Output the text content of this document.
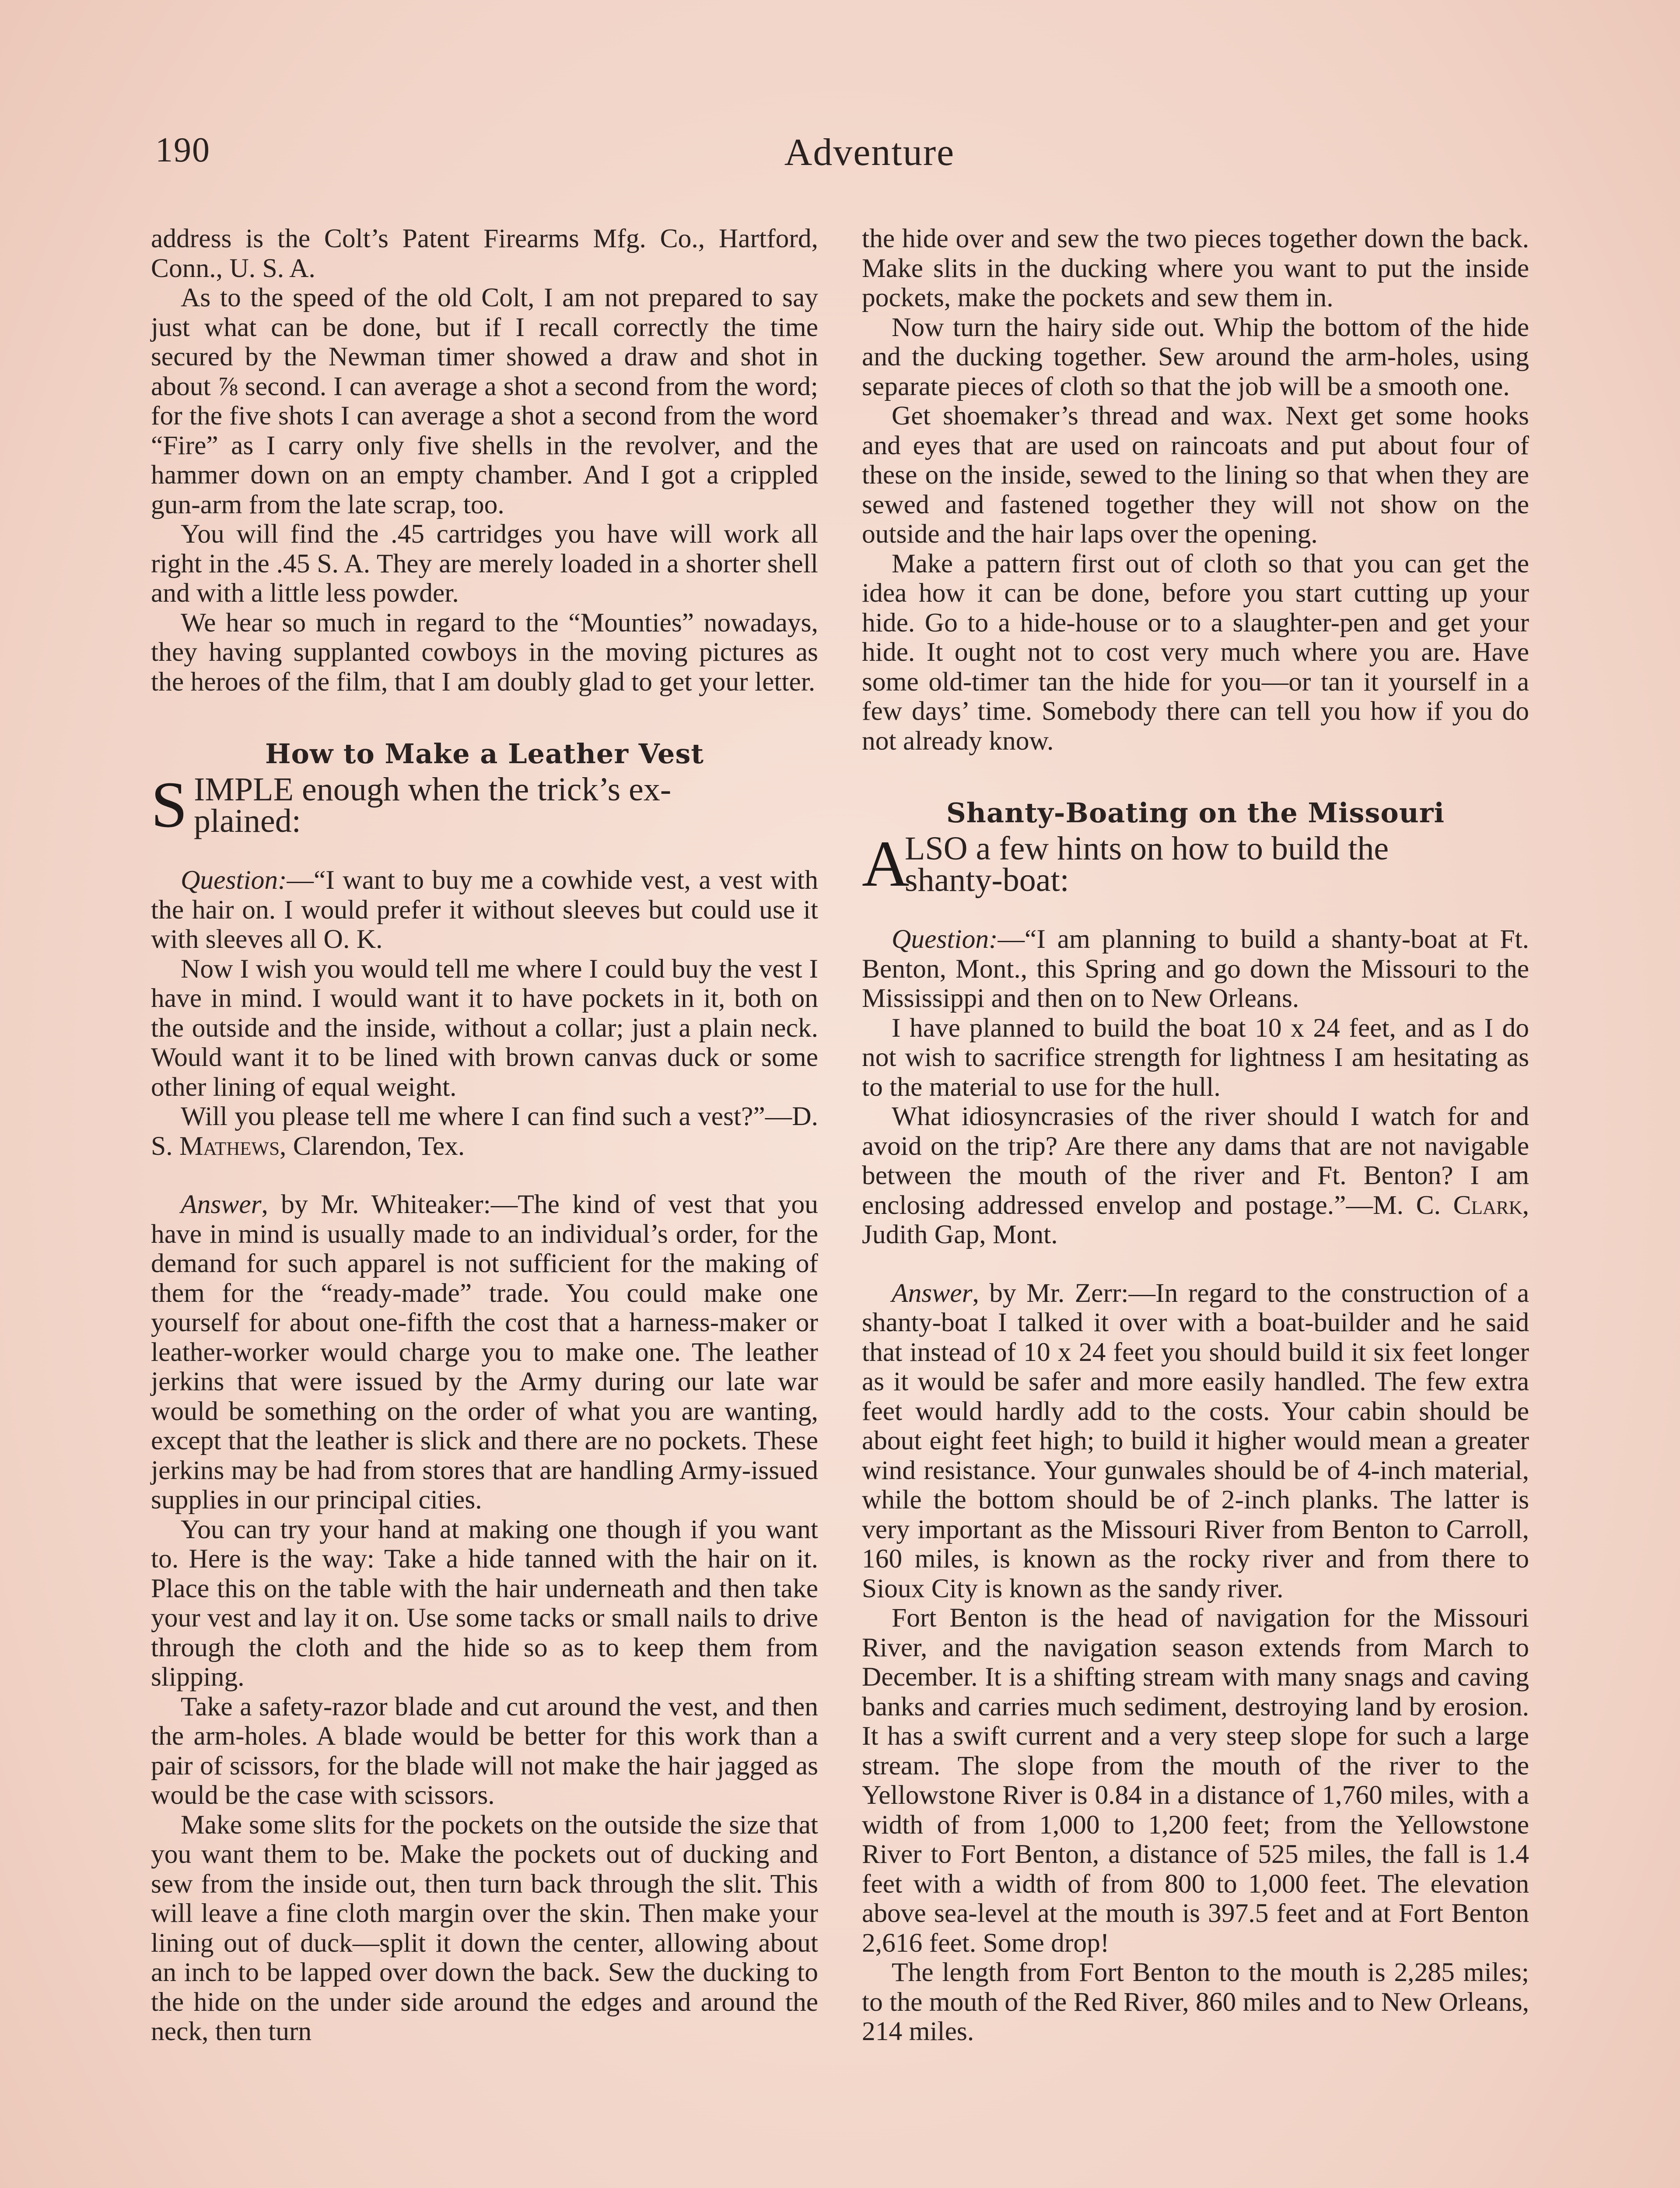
190	Adventure

address is the Colt’s Patent Firearms Mfg. Co., Hartford, Conn., U. S. A.

As to the speed of the old Colt, I am not prepared to say just what can be done, but if I recall correctly the time secured by the Newman timer showed a draw and shot in about ⅞ second. I can average a shot a second from the word; for the five shots I can average a shot a second from the word “Fire” as I carry only five shells in the revolver, and the hammer down on an empty chamber. And I got a crippled gun-arm from the late scrap, too.

You will find the .45 cartridges you have will work all right in the .45 S. A. They are merely loaded in a shorter shell and with a little less powder.

We hear so much in regard to the “Mounties” nowadays, they having supplanted cowboys in the moving pictures as the heroes of the film, that I am doubly glad to get your letter.

How to Make a Leather Vest
S IMPLE enough when the trick’s ex-
plained:

Question:—“I want to buy me a cowhide vest, a vest with the hair on. I would prefer it without sleeves but could use it with sleeves all O. K.

Now I wish you would tell me where I could buy the vest I have in mind. I would want it to have pockets in it, both on the outside and the inside, without a collar; just a plain neck. Would want it to be lined with brown canvas duck or some other lining of equal weight.

Will you please tell me where I can find such a vest?”—D. S. Mathews, Clarendon, Tex.

Answer, by Mr. Whiteaker:—The kind of vest that you have in mind is usually made to an individual’s order, for the demand for such apparel is not sufficient for the making of them for the “ready-made” trade. You could make one yourself for about one-fifth the cost that a harness-maker or leather-worker would charge you to make one. The leather jerkins that were issued by the Army during our late war would be something on the order of what you are wanting, except that the leather is slick and there are no pockets. These jerkins may be had from stores that are handling Army-issued supplies in our principal cities.

You can try your hand at making one though if you want to. Here is the way: Take a hide tanned with the hair on it. Place this on the table with the hair underneath and then take your vest and lay it on. Use some tacks or small nails to drive through the cloth and the hide so as to keep them from slipping.

Take a safety-razor blade and cut around the vest, and then the arm-holes. A blade would be better for this work than a pair of scissors, for the blade will not make the hair jagged as would be the case with scissors.

Make some slits for the pockets on the outside the size that you want them to be. Make the pockets out of ducking and sew from the inside out, then turn back through the slit. This will leave a fine cloth margin over the skin. Then make your lining out of duck—split it down the center, allowing about an inch to be lapped over down the back. Sew the ducking to the hide on the under side around the edges and around the neck, then turn

the hide over and sew the two pieces together down the back. Make slits in the ducking where you want to put the inside pockets, make the pockets and sew them in.

Now turn the hairy side out. Whip the bottom of the hide and the ducking together. Sew around the arm-holes, using separate pieces of cloth so that the job will be a smooth one.

Get shoemaker’s thread and wax. Next get some hooks and eyes that are used on raincoats and put about four of these on the inside, sewed to the lining so that when they are sewed and fastened together they will not show on the outside and the hair laps over the opening.

Make a pattern first out of cloth so that you can get the idea how it can be done, before you start cutting up your hide. Go to a hide-house or to a slaughter-pen and get your hide. It ought not to cost very much where you are. Have some old-timer tan the hide for you—or tan it yourself in a few days’ time. Somebody there can tell you how if you do not already know.

Shanty-Boating on the Missouri
A
LSO a few hints on how to build the
shanty-boat:

Question:—“I am planning to build a shanty-boat at Ft. Benton, Mont., this Spring and go down the Missouri to the Mississippi and then on to New Orleans.

I have planned to build the boat 10 x 24 feet, and as I do not wish to sacrifice strength for lightness I am hesitating as to the material to use for the hull.

What idiosyncrasies of the river should I watch for and avoid on the trip? Are there any dams that are not navigable between the mouth of the river and Ft. Benton? I am enclosing addressed envelop and postage.”—M. C. Clark, Judith Gap, Mont.

Answer, by Mr. Zerr:—In regard to the construction of a shanty-boat I talked it over with a boat-builder and he said that instead of 10 x 24 feet you should build it six feet longer as it would be safer and more easily handled. The few extra feet would hardly add to the costs. Your cabin should be about eight feet high; to build it higher would mean a greater wind resistance. Your gunwales should be of 4-inch material, while the bottom should be of 2-inch planks. The latter is very important as the Missouri River from Benton to Carroll, 160 miles, is known as the rocky river and from there to Sioux City is known as the sandy river.

Fort Benton is the head of navigation for the Missouri River, and the navigation season extends from March to December. It is a shifting stream with many snags and caving banks and carries much sediment, destroying land by erosion. It has a swift current and a very steep slope for such a large stream. The slope from the mouth of the river to the Yellowstone River is 0.84 in a distance of 1,760 miles, with a width of from 1,000 to 1,200 feet; from the Yellowstone River to Fort Benton, a distance of 525 miles, the fall is 1.4 feet with a width of from 800 to 1,000 feet. The elevation above sea-level at the mouth is 397.5 feet and at Fort Benton 2,616 feet. Some drop!

The length from Fort Benton to the mouth is 2,285 miles; to the mouth of the Red River, 860 miles and to New Orleans, 214 miles.
